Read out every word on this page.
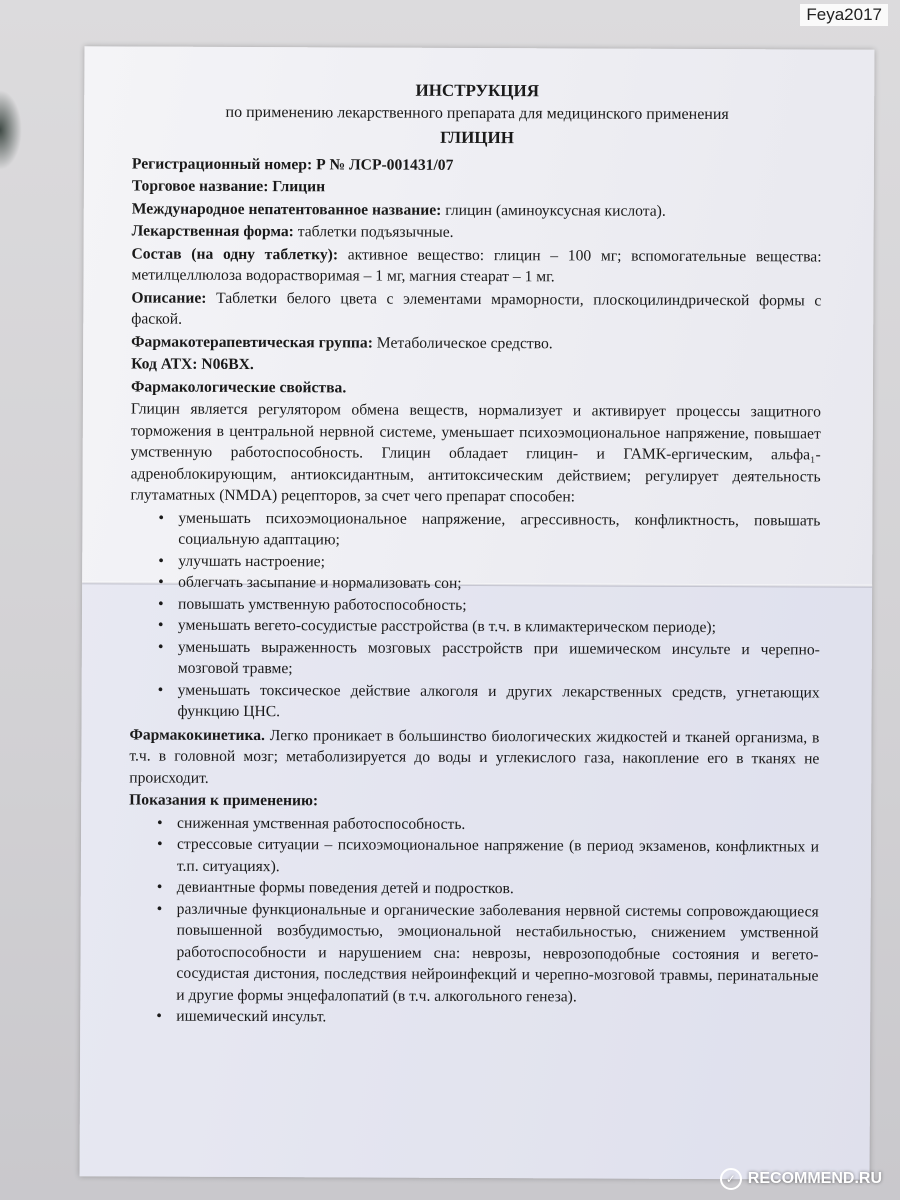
Feya2017
ИНСТРУКЦИЯ
по применению лекарственного препарата для медицинского применения
ГЛИЦИН
Регистрационный номер: Р № ЛСР-001431/07
Торговое название: Глицин
Международное непатентованное название: глицин (аминоуксусная кислота).
Лекарственная форма: таблетки подъязычные.
Состав (на одну таблетку): активное вещество: глицин – 100 мг; вспомогательные вещества: метилцеллюлоза водорастворимая – 1 мг, магния стеарат – 1 мг.
Описание: Таблетки белого цвета с элементами мраморности, плоскоцилиндрической формы с фаской.
Фармакотерапевтическая группа: Метаболическое средство.
Код АТХ: N06BX.
Фармакологические свойства.
Глицин является регулятором обмена веществ, нормализует и активирует процессы защитного торможения в центральной нервной системе, уменьшает психоэмоциональное напряжение, повышает умственную работоспособность. Глицин обладает глицин- и ГАМК-ергическим, альфа₁-адреноблокирующим, антиоксидантным, антитоксическим действием; регулирует деятельность глутаматных (NMDA) рецепторов, за счет чего препарат способен:
• уменьшать психоэмоциональное напряжение, агрессивность, конфликтность, повышать социальную адаптацию;
• улучшать настроение;
• облегчать засыпание и нормализовать сон;
• повышать умственную работоспособность;
• уменьшать вегето-сосудистые расстройства (в т.ч. в климактерическом периоде);
• уменьшать выраженность мозговых расстройств при ишемическом инсульте и черепно-мозговой травме;
• уменьшать токсическое действие алкоголя и других лекарственных средств, угнетающих функцию ЦНС.
Фармакокинетика. Легко проникает в большинство биологических жидкостей и тканей организма, в т.ч. в головной мозг; метаболизируется до воды и углекислого газа, накопление его в тканях не происходит.
Показания к применению:
• сниженная умственная работоспособность.
• стрессовые ситуации – психоэмоциональное напряжение (в период экзаменов, конфликтных и т.п. ситуациях).
• девиантные формы поведения детей и подростков.
• различные функциональные и органические заболевания нервной системы сопровождающиеся повышенной возбудимостью, эмоциональной нестабильностью, снижением умственной работоспособности и нарушением сна: неврозы, неврозоподобные состояния и вегето-сосудистая дистония, последствия нейроинфекций и черепно-мозговой травмы, перинатальные и другие формы энцефалопатий (в т.ч. алкогольного генеза).
• ишемический инсульт.
✓ RECOMMEND.RU
